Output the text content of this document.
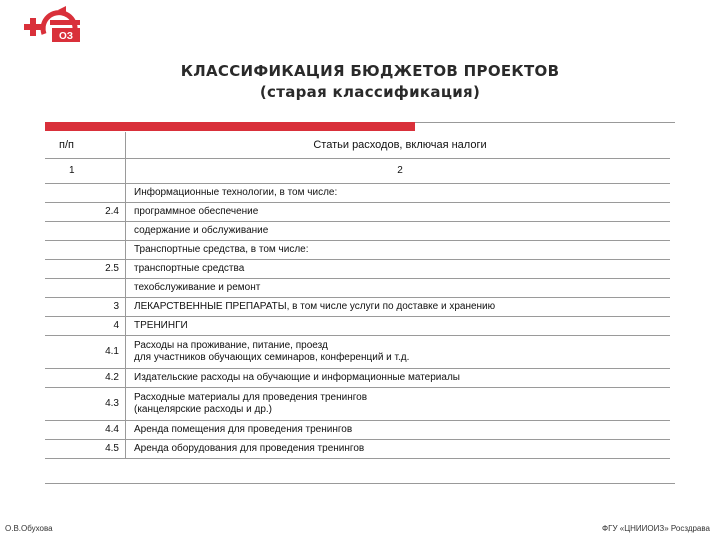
ОЗ
КЛАССИФИКАЦИЯ БЮДЖЕТОВ ПРОЕКТОВ
(старая классификация)
п/п	Статьи расходов, включая налоги
1	2
	Информационные технологии, в том числе:
2.4	программное обеспечение
	содержание и обслуживание
	Транспортные средства, в том числе:
2.5	транспортные средства
	техобслуживание и ремонт
3	ЛЕКАРСТВЕННЫЕ ПРЕПАРАТЫ, в том числе услуги по доставке и хранению
4	ТРЕНИНГИ
4.1	Расходы на проживание, питание, проезд
для участников обучающих семинаров, конференций и т.д.
4.2	Издательские расходы на обучающие и информационные материалы
4.3	Расходные материалы для проведения тренингов
(канцелярские расходы и др.)
4.4	Аренда помещения для проведения тренингов
4.5	Аренда оборудования для проведения тренингов
О.В.Обухова	ФГУ «ЦНИИОИЗ» Росздрава
